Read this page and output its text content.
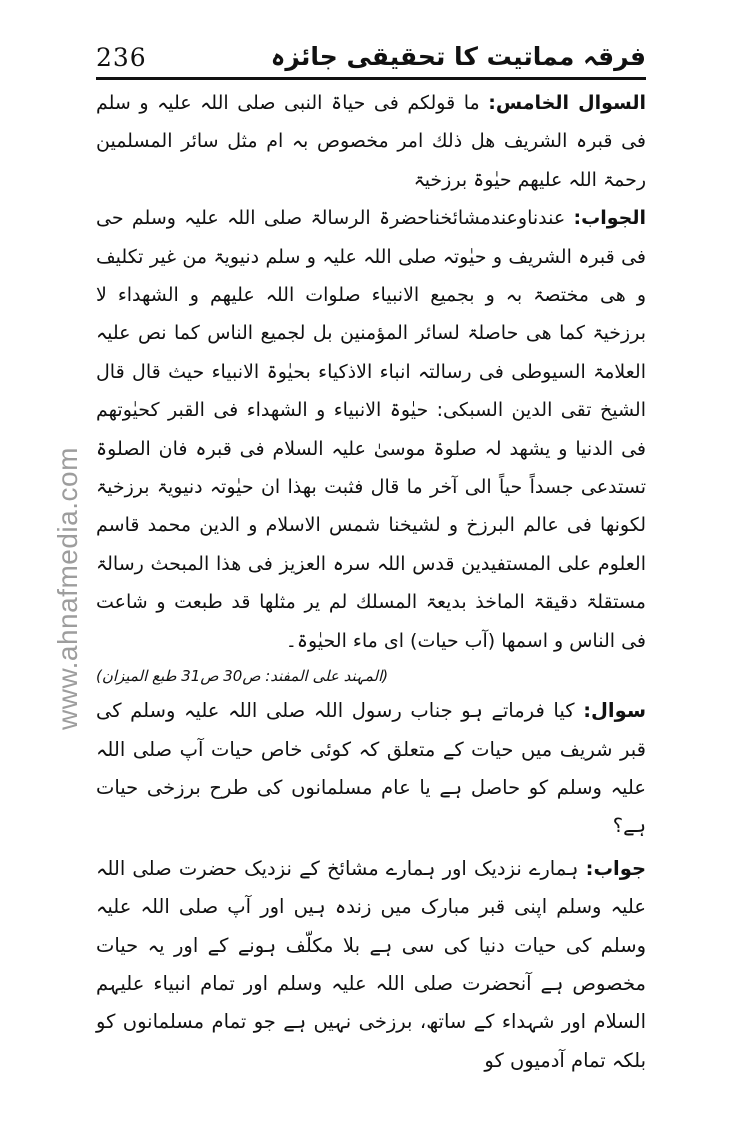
236	فرقہ مماتیت کا تحقیقی جائزہ
www.ahnafmedia.com

السوال الخامس: ما قولکم فی حیاۃ النبی صلی اللہ علیہ و سلم فی قبرہ الشریف ھل ذلك امر مخصوص بہ ام مثل سائر المسلمین رحمۃ اللہ علیھم حیٰوۃ برزخیۃ

الجواب: عندناوعندمشائخناحضرۃ الرسالۃ صلی اللہ علیہ وسلم حی فی قبرہ الشریف و حیٰوتہ صلی اللہ علیہ و سلم دنیویۃ من غیر تکلیف و ھی مختصۃ بہ و بجمیع الانبیاء صلوات اللہ علیھم و الشھداء لا برزخیۃ کما ھی حاصلۃ لسائر المؤمنین بل لجمیع الناس کما نص علیہ العلامۃ السیوطی فی رسالتہ انباء الاذکیاء بحیٰوۃ الانبیاء حیث قال قال الشیخ تقی الدین السبکی: حیٰوۃ الانبیاء و الشھداء فی القبر کحیٰوتھم فی الدنیا و یشھد لہ صلوۃ موسیٰ علیہ السلام فی قبرہ فان الصلوۃ تستدعی جسداً حیاً الی آخر ما قال فثبت بھذا ان حیٰوتہ دنیویۃ برزخیۃ لکونھا فی عالم البرزخ و لشیخنا شمس الاسلام و الدین محمد قاسم العلوم علی المستفیدین قدس اللہ سرہ العزیز فی ھذا المبحث رسالۃ مستقلۃ دقیقۃ الماخذ بدیعۃ المسلك لم یر مثلھا قد طبعت و شاعت فی الناس و اسمھا (آب حیات) ای ماء الحیٰوۃ۔

(المہند علی المفند: ص30 ص31 طبع المیزان)

سوال: کیا فرماتے ہو جناب رسول اللہ صلی اللہ علیہ وسلم کی قبر شریف میں حیات کے متعلق کہ کوئی خاص حیات آپ صلی اللہ علیہ وسلم کو حاصل ہے یا عام مسلمانوں کی طرح برزخی حیات ہے؟

جواب: ہمارے نزدیک اور ہمارے مشائخ کے نزدیک حضرت صلی اللہ علیہ وسلم اپنی قبر مبارک میں زندہ ہیں اور آپ صلی اللہ علیہ وسلم کی حیات دنیا کی سی ہے بلا مکلّف ہونے کے اور یہ حیات مخصوص ہے آنحضرت صلی اللہ علیہ وسلم اور تمام انبیاء علیہم السلام اور شہداء کے ساتھ، برزخی نہیں ہے جو تمام مسلمانوں کو بلکہ تمام آدمیوں کو
